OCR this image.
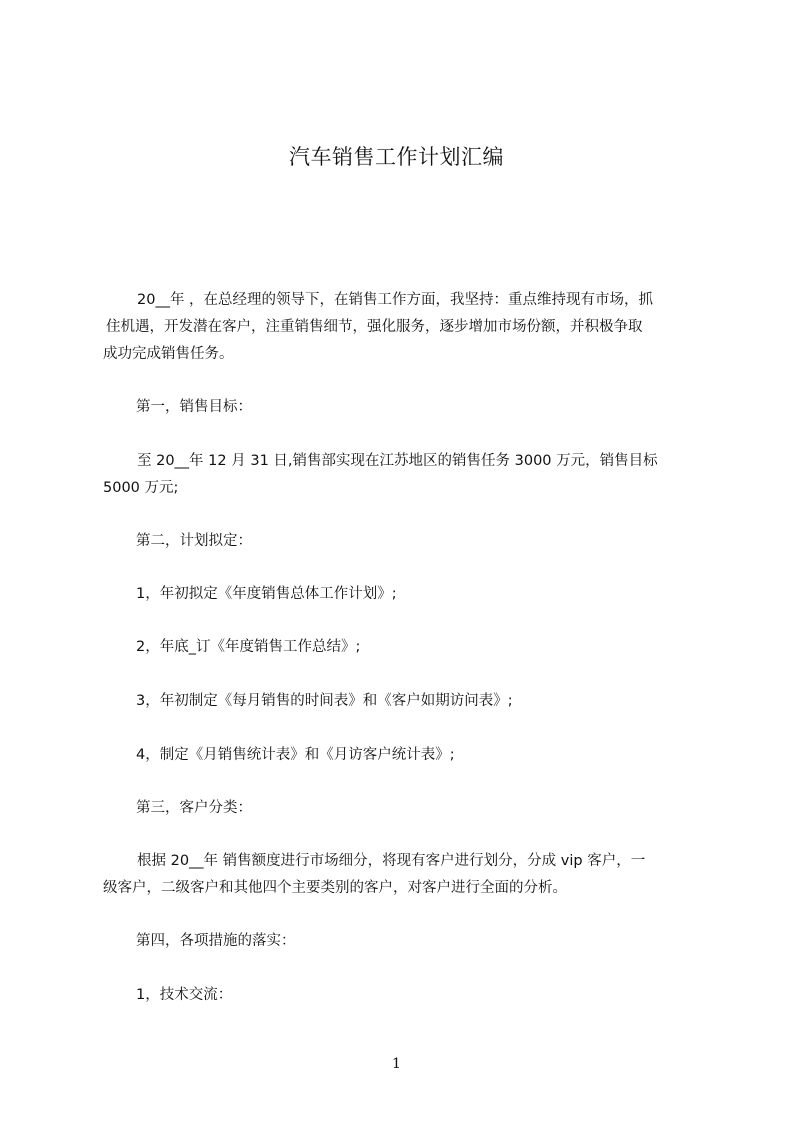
汽车销售工作计划汇编
20__年 ，在总经理的领导下，在销售工作方面，我坚持：重点维持现有市场，抓
住机遇，开发潜在客户，注重销售细节，强化服务，逐步增加市场份额，并积极争取
成功完成销售任务。
第一，销售目标：
至 20__年 12 月 31 日,销售部实现在江苏地区的销售任务 3000 万元，销售目标
5000 万元;
第二，计划拟定：
1，年初拟定《年度销售总体工作计划》;
2，年底_订《年度销售工作总结》;
3，年初制定《每月销售的时间表》和《客户如期访问表》;
4，制定《月销售统计表》和《月访客户统计表》;
第三，客户分类：
根据 20__年 销售额度进行市场细分，将现有客户进行划分，分成 vip 客户，一
级客户，二级客户和其他四个主要类别的客户，对客户进行全面的分析。
第四，各项措施的落实：
1，技术交流：
1
